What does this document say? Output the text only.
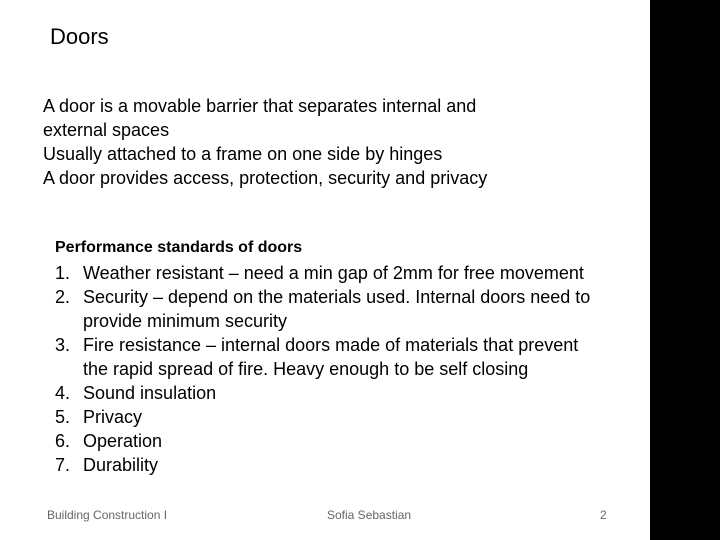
Doors

A door is a movable barrier that separates internal and external spaces

Usually attached to a frame on one side by hinges

A door provides access, protection, security and privacy

Performance standards of doors
1. Weather resistant – need a min gap of 2mm for free movement
2. Security – depend on the materials used. Internal doors need to provide minimum security
3. Fire resistance – internal doors made of materials that prevent the rapid spread of fire. Heavy enough to be self closing
4. Sound insulation
5. Privacy
6. Operation
7. Durability
Building Construction I	Sofia Sebastian	2
